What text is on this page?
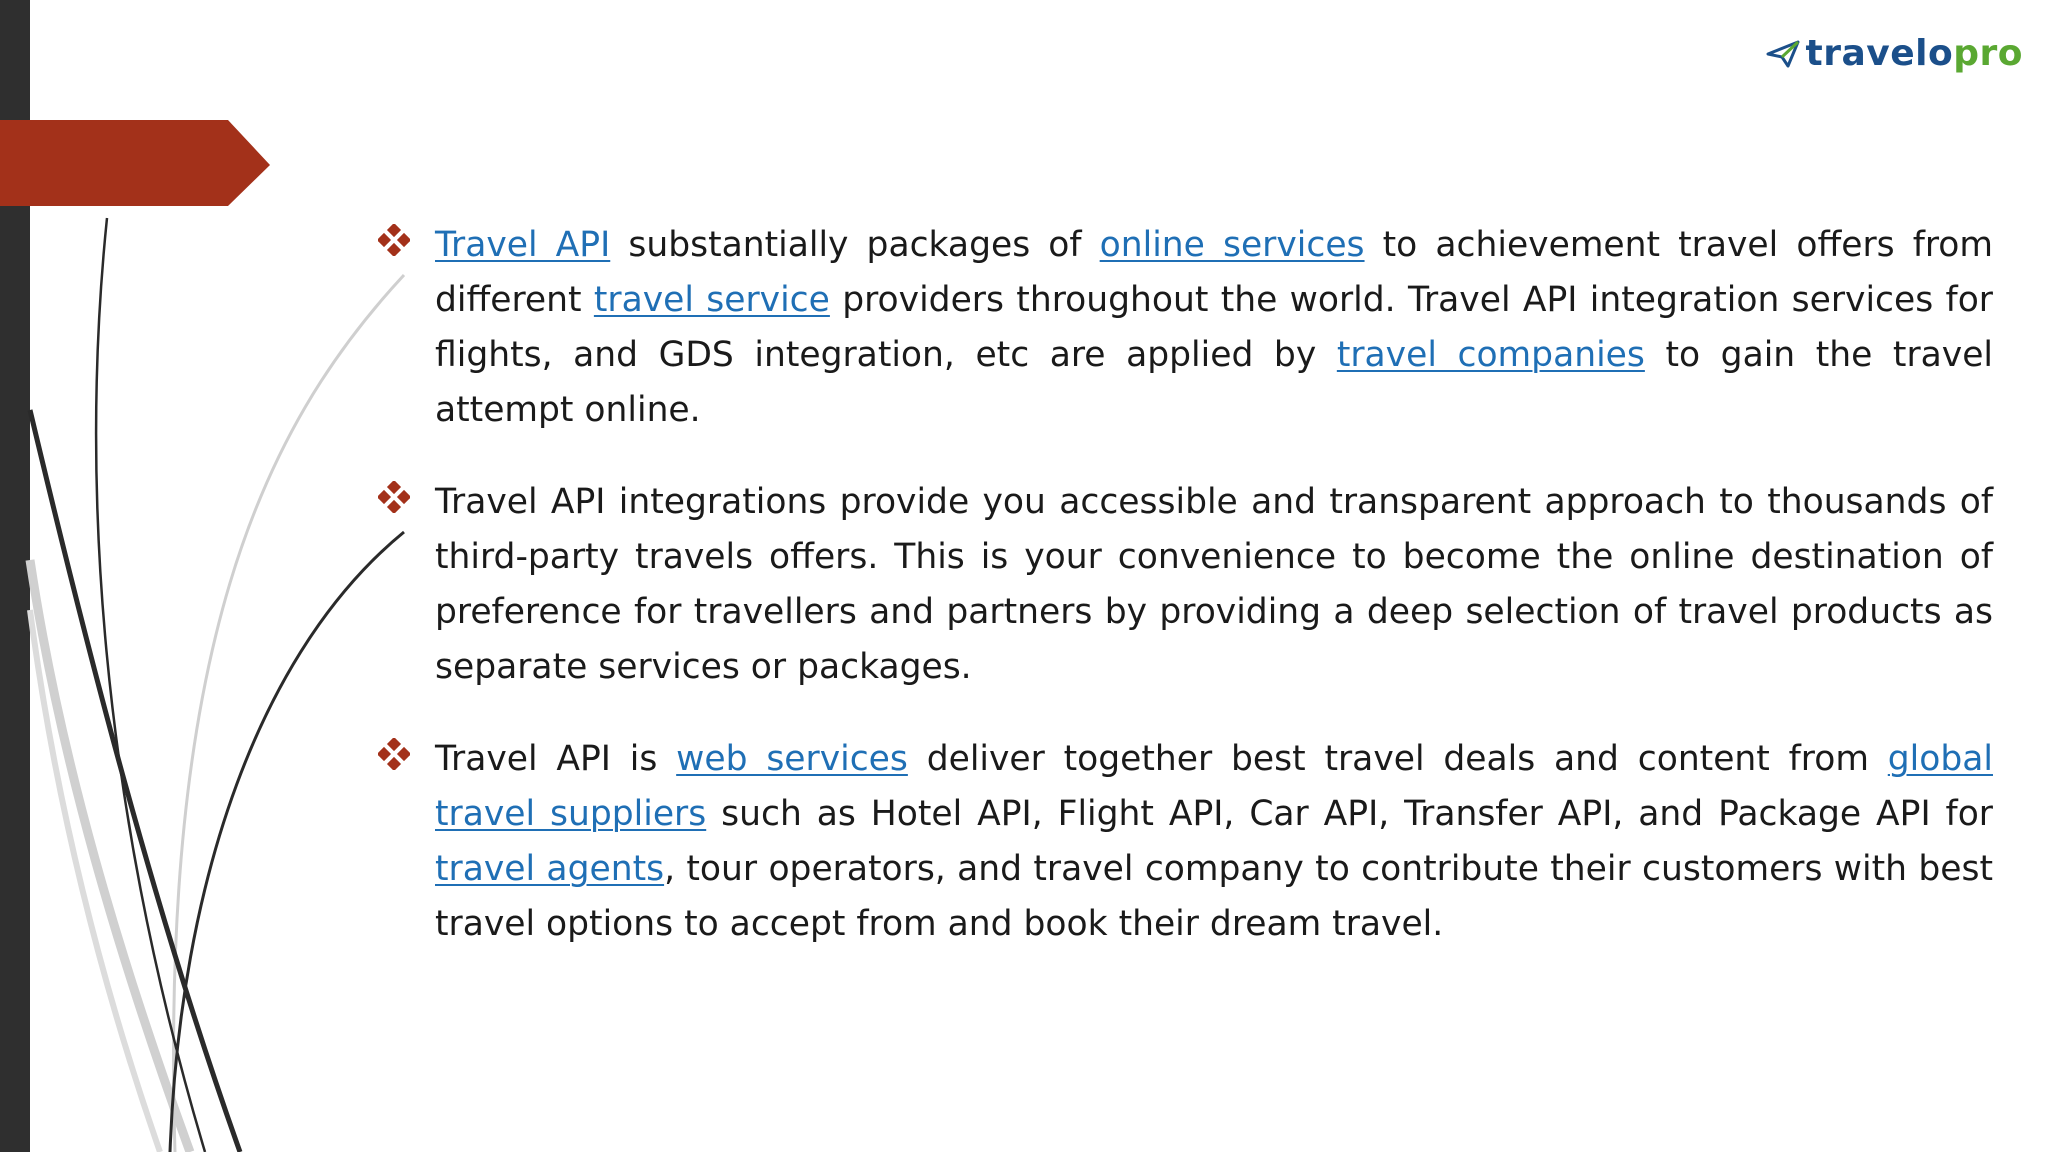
travelopro

Travel API substantially packages of online services to achievement travel offers from different travel service providers throughout the world. Travel API integration services for flights, and GDS integration, etc are applied by travel companies to gain the travel attempt online.

Travel API integrations provide you accessible and transparent approach to thousands of third-party travels offers. This is your convenience to become the online destination of preference for travellers and partners by providing a deep selection of travel products as separate services or packages.

Travel API is web services deliver together best travel deals and content from global travel suppliers such as Hotel API, Flight API, Car API, Transfer API, and Package API for travel agents, tour operators, and travel company to contribute their customers with best travel options to accept from and book their dream travel.
